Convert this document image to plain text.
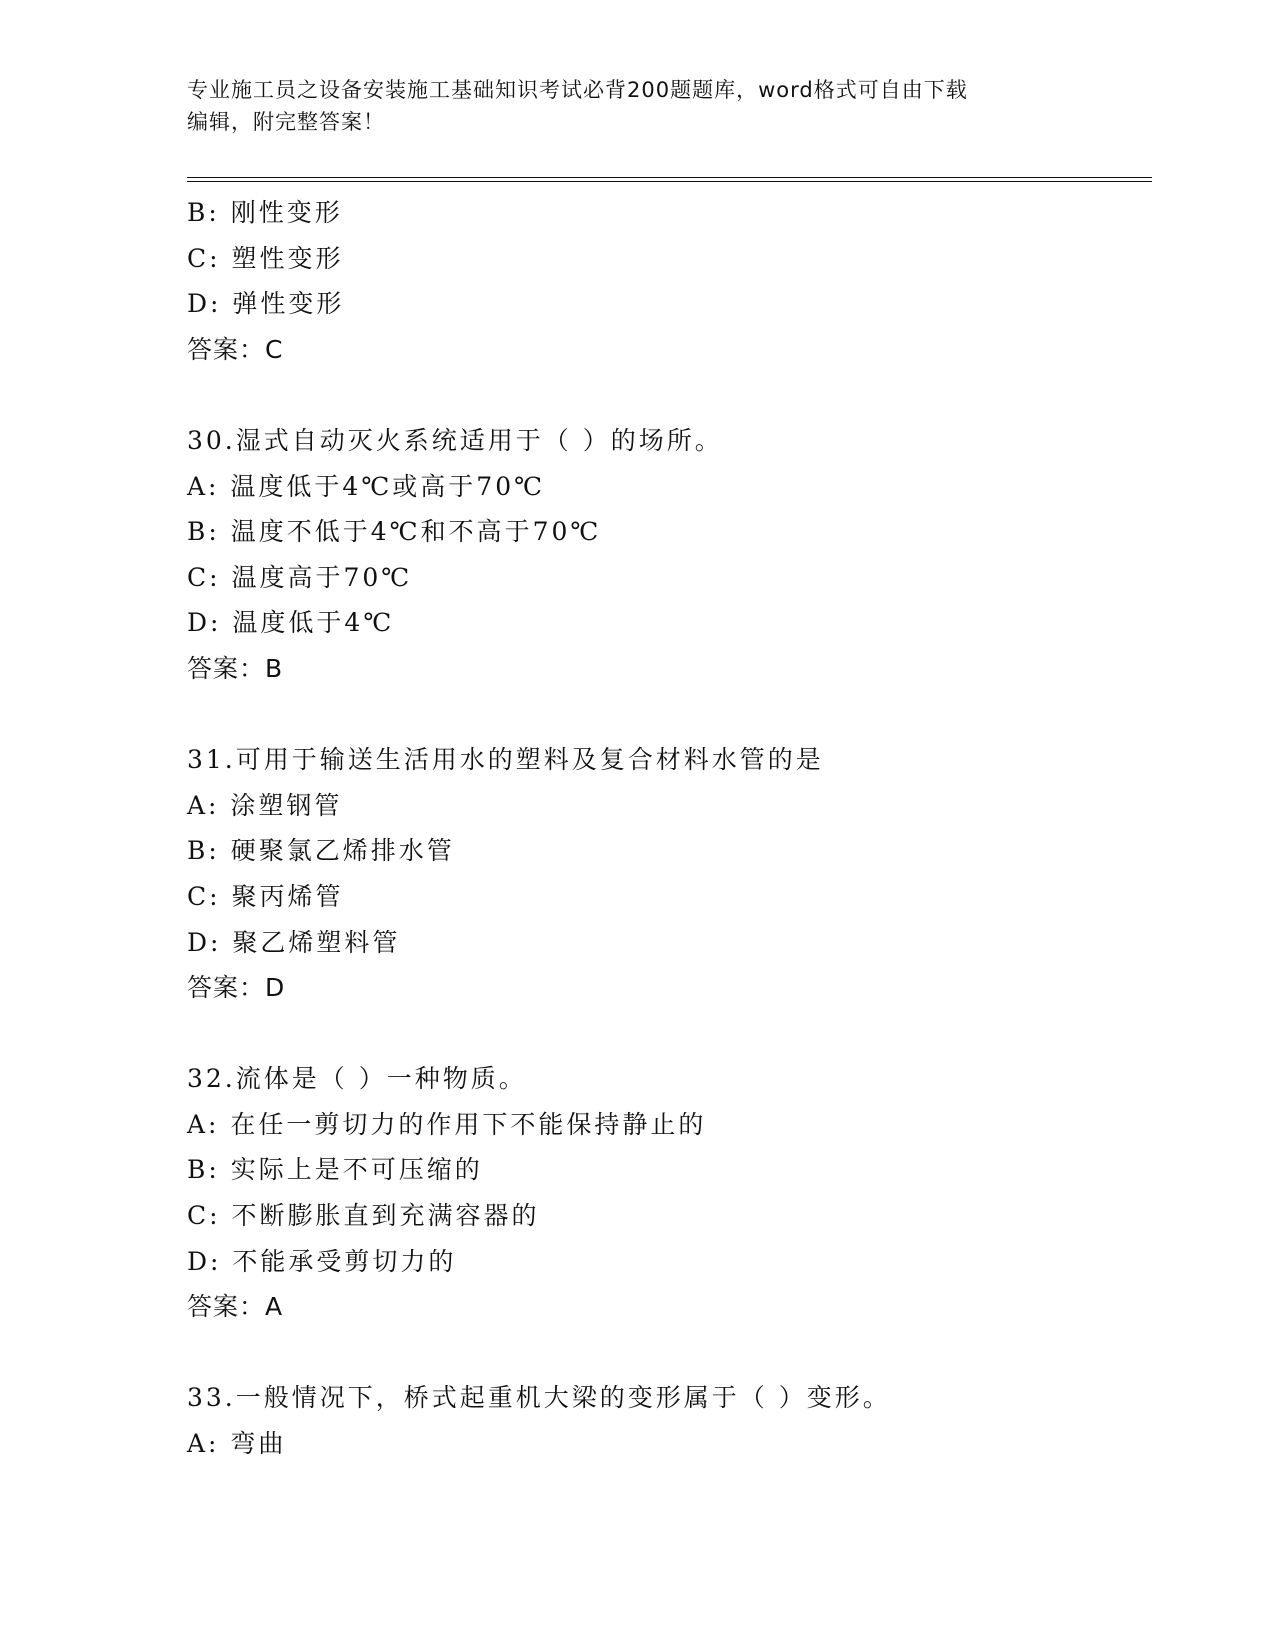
专业施工员之设备安装施工基础知识考试必背200题题库，word格式可自由下载
编辑，附完整答案！
B: 刚性变形
C: 塑性变形
D: 弹性变形
答案：C
30.湿式自动灭火系统适用于（ ）的场所。
A: 温度低于4℃或高于70℃
B: 温度不低于4℃和不高于70℃
C: 温度高于70℃
D: 温度低于4℃
答案：B
31.可用于输送生活用水的塑料及复合材料水管的是
A: 涂塑钢管
B: 硬聚氯乙烯排水管
C: 聚丙烯管
D: 聚乙烯塑料管
答案：D
32.流体是（ ）一种物质。
A: 在任一剪切力的作用下不能保持静止的
B: 实际上是不可压缩的
C: 不断膨胀直到充满容器的
D: 不能承受剪切力的
答案：A
33.一般情况下，桥式起重机大梁的变形属于（ ）变形。
A: 弯曲
